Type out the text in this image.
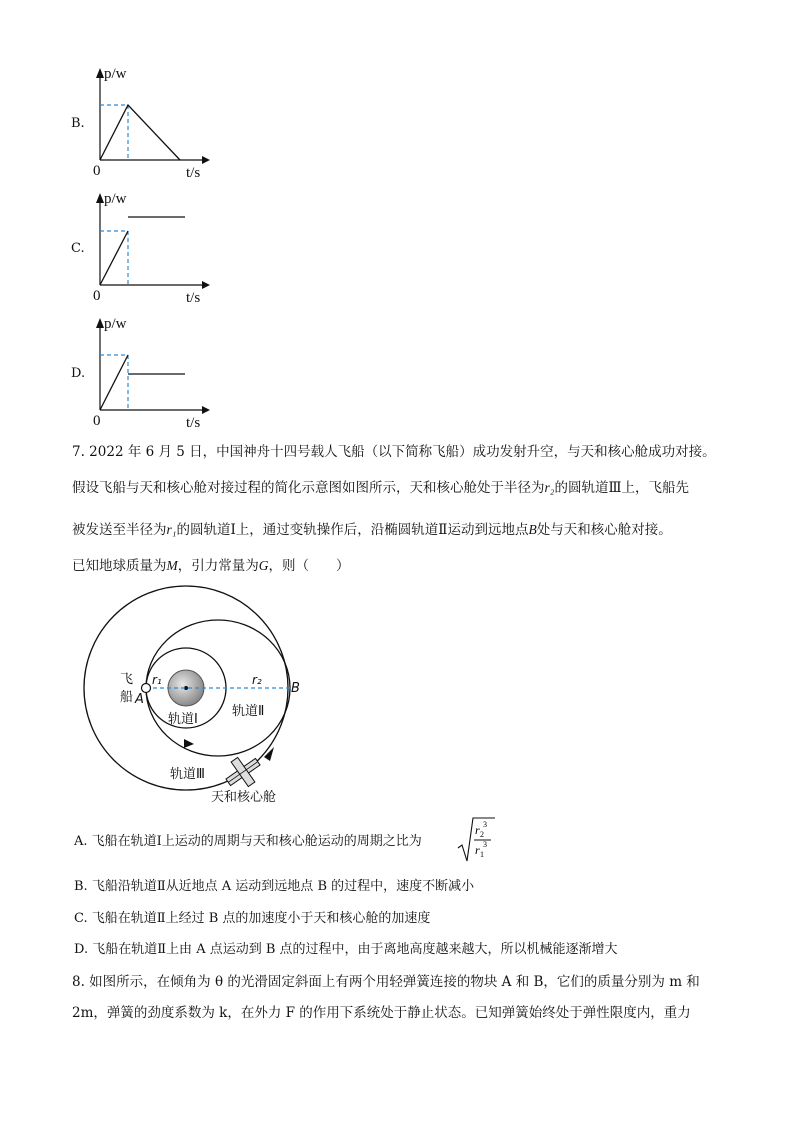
B.
p/w
t/s
0
C.
p/w
t/s
0
D.
p/w
t/s
0
7. 2022 年 6 月 5 日，中国神舟十四号载人飞船（以下简称飞船）成功发射升空，与天和核心舱成功对接。
假设飞船与天和核心舱对接过程的简化示意图如图所示，天和核心舱处于半径为r₂的圆轨道Ⅲ上，飞船先
被发送至半径为r₁的圆轨道Ⅰ上，通过变轨操作后，沿椭圆轨道Ⅱ运动到远地点B处与天和核心舱对接。
已知地球质量为M，引力常量为G，则（　　）
飞
船 A
B
r₁	r₂
轨道Ⅰ
轨道Ⅱ
轨道Ⅲ
天和核心舱
A. 飞船在轨道Ⅰ上运动的周期与天和核心舱运动的周期之比为
r 2
3
r 1
3
B. 飞船沿轨道Ⅱ从近地点 A 运动到远地点 B 的过程中，速度不断减小
C. 飞船在轨道Ⅱ上经过 B 点的加速度小于天和核心舱的加速度
D. 飞船在轨道Ⅱ上由 A 点运动到 B 点的过程中，由于离地高度越来越大，所以机械能逐渐增大
8. 如图所示，在倾角为 θ 的光滑固定斜面上有两个用轻弹簧连接的物块 A 和 B，它们的质量分别为 m 和
2m，弹簧的劲度系数为 k，在外力 F 的作用下系统处于静止状态。已知弹簧始终处于弹性限度内，重力
